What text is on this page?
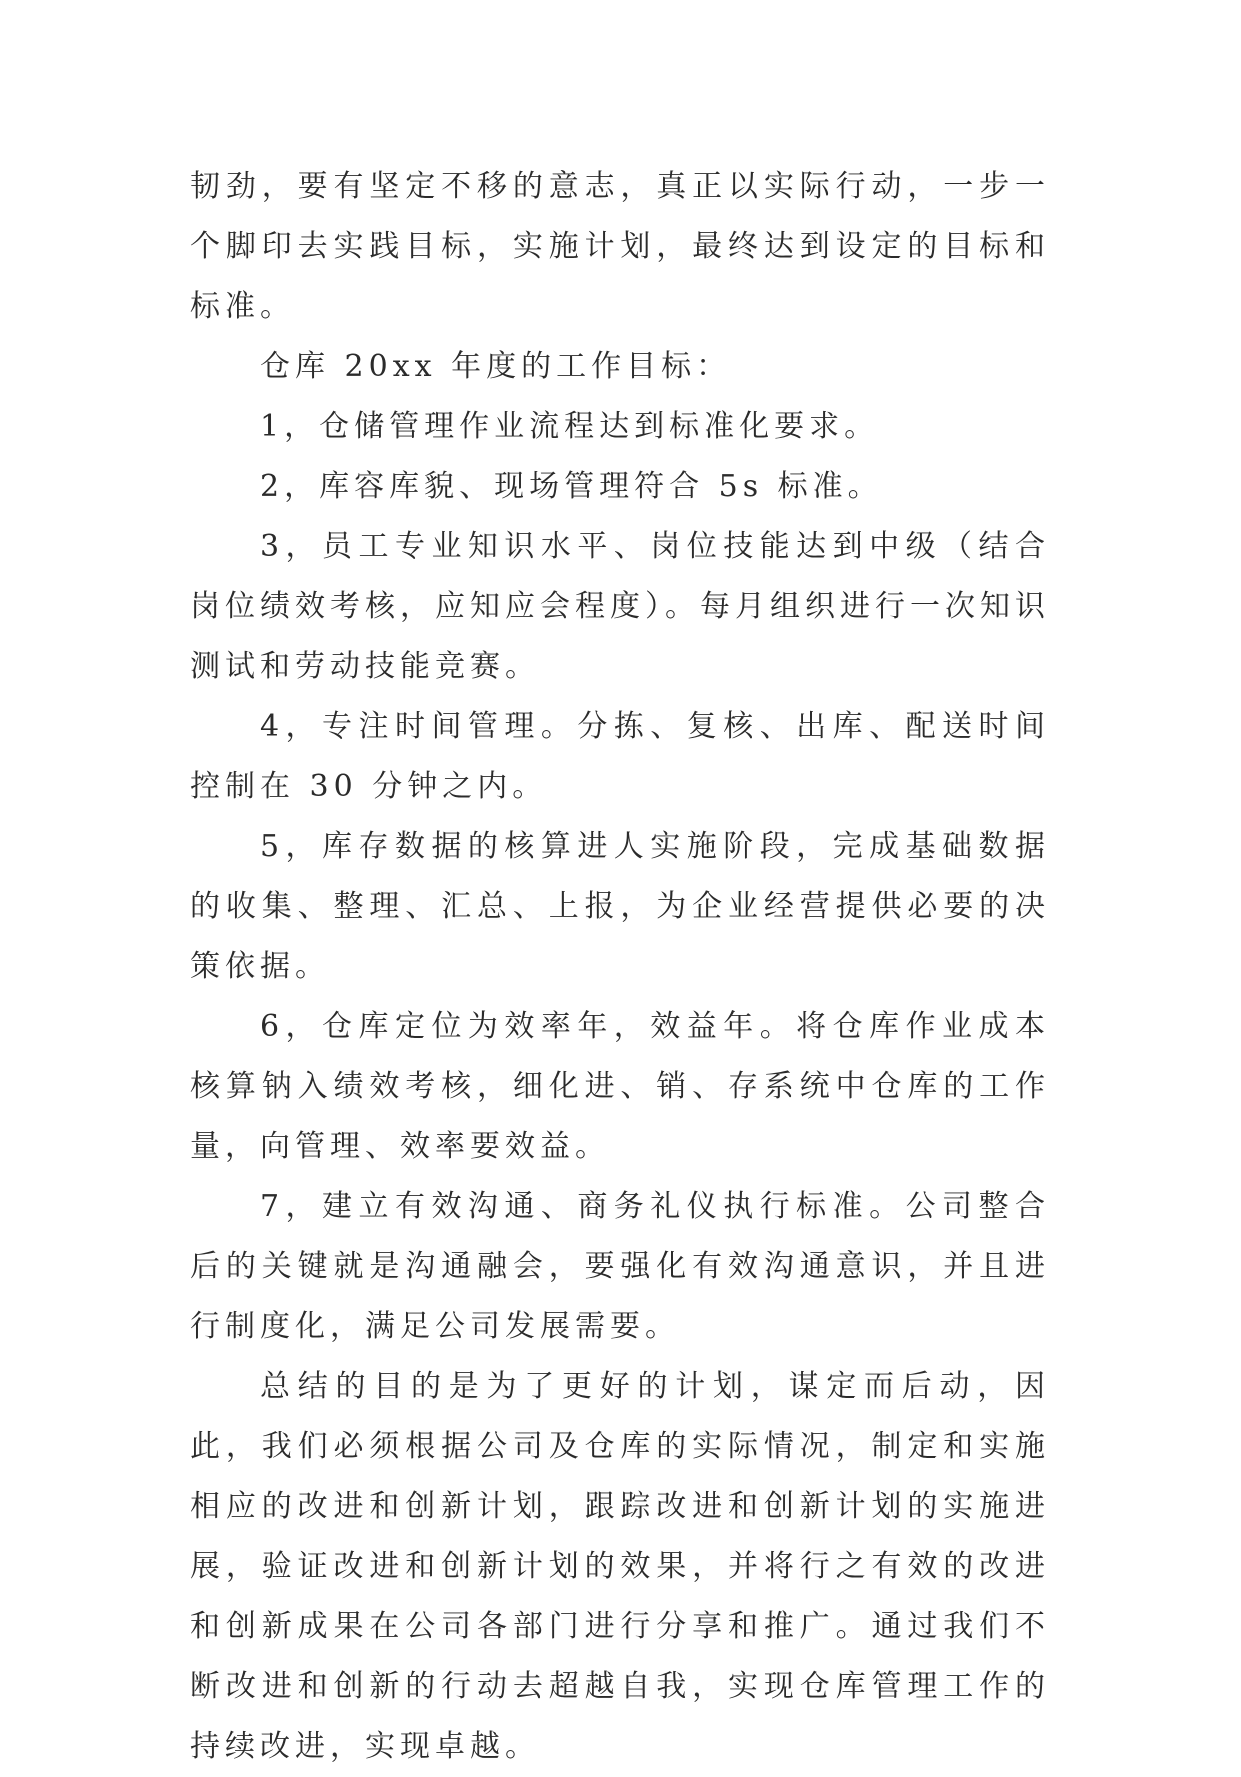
韧劲，要有坚定不移的意志，真正以实际行动，一步一个脚印去实践目标，实施计划，最终达到设定的目标和标准。

仓库 20xx 年度的工作目标：

1，仓储管理作业流程达到标准化要求。

2，库容库貌、现场管理符合 5s 标准。

3，员工专业知识水平、岗位技能达到中级（结合岗位绩效考核，应知应会程度）。每月组织进行一次知识测试和劳动技能竞赛。

4，专注时间管理。分拣、复核、出库、配送时间控制在 30 分钟之内。

5，库存数据的核算进人实施阶段，完成基础数据的收集、整理、汇总、上报，为企业经营提供必要的决策依据。

6，仓库定位为效率年，效益年。将仓库作业成本核算钠入绩效考核，细化进、销、存系统中仓库的工作量，向管理、效率要效益。

7，建立有效沟通、商务礼仪执行标准。公司整合后的关键就是沟通融会，要强化有效沟通意识，并且进行制度化，满足公司发展需要。

总结的目的是为了更好的计划，谋定而后动，因此，我们必须根据公司及仓库的实际情况，制定和实施相应的改进和创新计划，跟踪改进和创新计划的实施进展，验证改进和创新计划的效果，并将行之有效的改进和创新成果在公司各部门进行分享和推广。通过我们不断改进和创新的行动去超越自我，实现仓库管理工作的持续改进，实现卓越。
